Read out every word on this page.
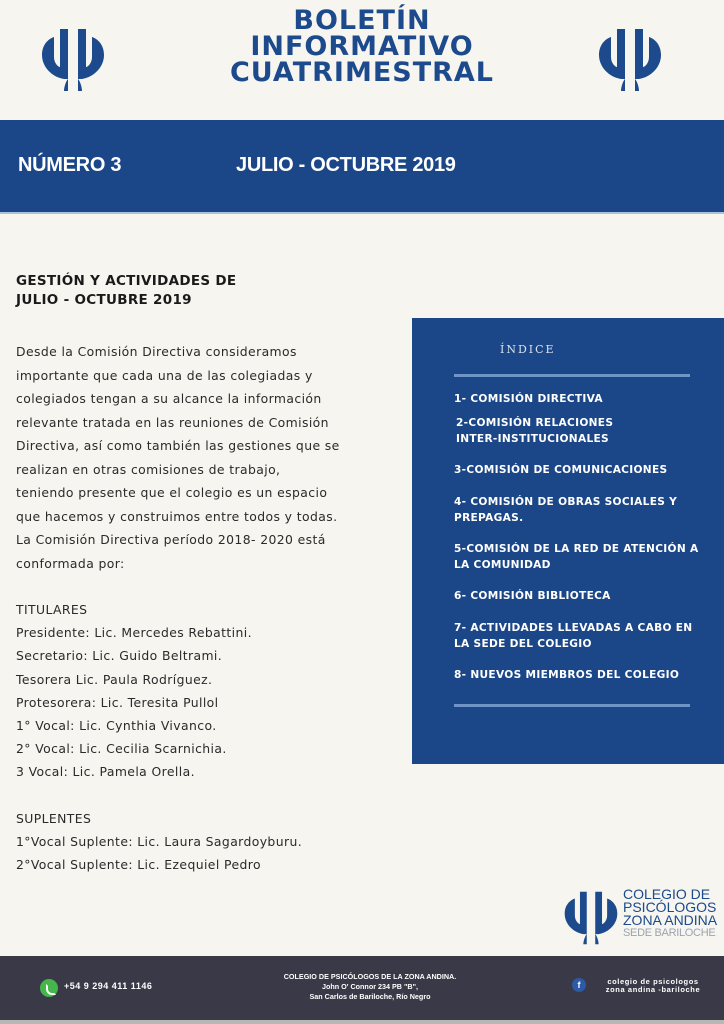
BOLETÍN
INFORMATIVO
CUATRIMESTRAL
NÚMERO 3	JULIO - OCTUBRE 2019
GESTIÓN Y ACTIVIDADES DE
JULIO - OCTUBRE 2019
Desde la Comisión Directiva consideramos
importante que cada una de las colegiadas y
colegiados tengan a su alcance la información
relevante tratada en las reuniones de Comisión
Directiva, así como también las gestiones que se
realizan en otras comisiones de trabajo,
teniendo presente que el colegio es un espacio
que hacemos y construimos entre todos y todas.
La Comisión Directiva período 2018- 2020 está
conformada por:
TITULARES
Presidente: Lic. Mercedes Rebattini.
Secretario: Lic. Guido Beltrami.
Tesorera Lic. Paula Rodríguez.
Protesorera: Lic. Teresita Pullol
1° Vocal: Lic. Cynthia Vivanco.
2° Vocal: Lic. Cecilia Scarnichia.
3 Vocal: Lic. Pamela Orella.
SUPLENTES
1°Vocal Suplente: Lic. Laura Sagardoyburu.
2°Vocal Suplente: Lic. Ezequiel Pedro
ÍNDICE
1- COMISIÓN DIRECTIVA
2-COMISIÓN RELACIONES
INTER-INSTITUCIONALES
3-COMISIÓN DE COMUNICACIONES
4- COMISIÓN DE OBRAS SOCIALES Y
PREPAGAS.
5-COMISIÓN DE LA RED DE ATENCIÓN A
LA COMUNIDAD
6- COMISIÓN BIBLIOTECA
7- ACTIVIDADES LLEVADAS A CABO EN
LA SEDE DEL COLEGIO
8- NUEVOS MIEMBROS DEL COLEGIO
COLEGIO DE
PSICÓLOGOS
ZONA ANDINA
SEDE BARILOCHE
+54 9 294 411 1146
COLEGIO DE PSICÓLOGOS DE LA ZONA ANDINA.
John O' Connor 234 PB "B",
San Carlos de Bariloche, Río Negro
f	colegio de psicologos
zona andina -bariloche
